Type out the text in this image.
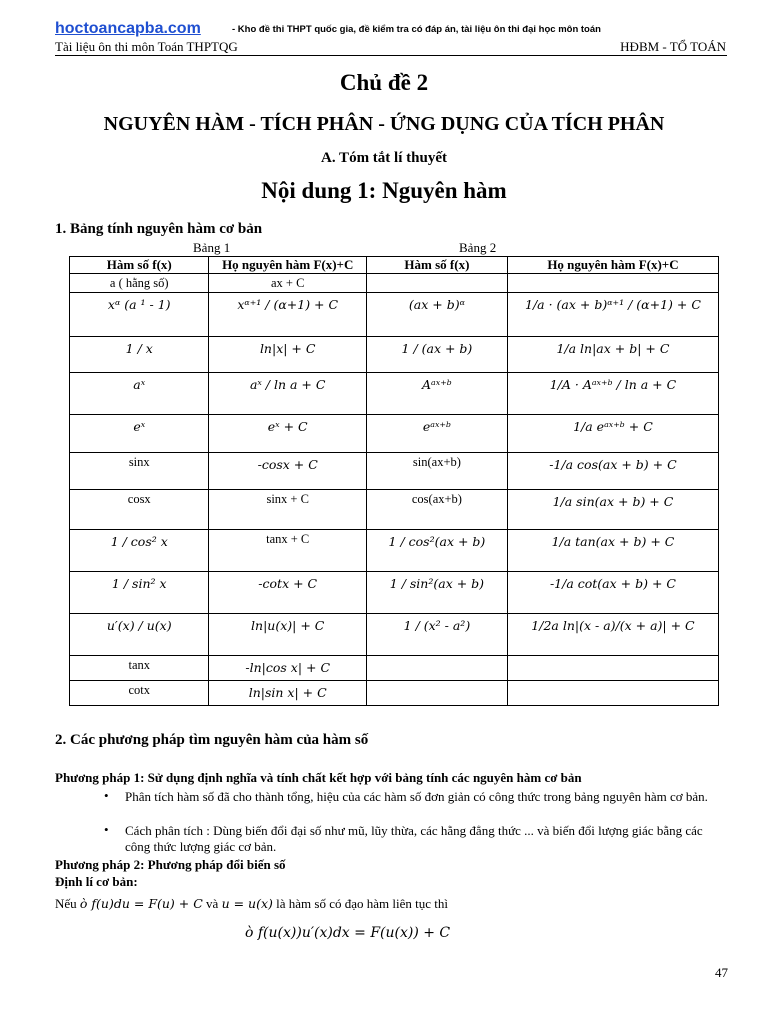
hoctoancapba.com	- Kho đề thi THPT quốc gia, đề kiểm tra có đáp án, tài liệu ôn thi đại học môn toán
Tài liệu ôn thi môn Toán THPTQG	HĐBM - TỔ TOÁN
Chủ đề 2
NGUYÊN HÀM - TÍCH PHÂN - ỨNG DỤNG CỦA TÍCH PHÂN
A. Tóm tắt lí thuyết
Nội dung 1: Nguyên hàm
1. Bảng tính nguyên hàm cơ bản
Bảng 1	Bảng 2
Hàm số f(x)	Họ nguyên hàm F(x)+C	Hàm số f(x)	Họ nguyên hàm F(x)+C

a ( hằng số)	ax + C		

xᵅ (a ¹ - 1)	xᵅ⁺¹ / (α+1) + C	(ax + b)ᵅ	1/a · (ax + b)ᵅ⁺¹ / (α+1) + C

1 / x	ln|x| + C	1 / (ax + b)	1/a ln|ax + b| + C

aˣ	aˣ / ln a + C	Aᵃˣ⁺ᵇ	1/A · Aᵃˣ⁺ᵇ / ln a + C

eˣ	eˣ + C	eᵃˣ⁺ᵇ	1/a eᵃˣ⁺ᵇ + C

sinx	-cosx + C	sin(ax+b)	-1/a cos(ax + b) + C

cosx	sinx + C	cos(ax+b)	1/a sin(ax + b) + C

1 / cos² x	tanx + C	1 / cos²(ax + b)	1/a tan(ax + b) + C

1 / sin² x	-cotx + C	1 / sin²(ax + b)	-1/a cot(ax + b) + C

u′(x) / u(x)	ln|u(x)| + C	1 / (x² - a²)	1/2a ln|(x - a)/(x + a)| + C

tanx	-ln|cos x| + C		

cotx	ln|sin x| + C		

2. Các phương pháp tìm nguyên hàm của hàm số
Phương pháp 1: Sử dụng định nghĩa và tính chất kết hợp với bảng tính các nguyên hàm cơ bản
• Phân tích hàm số đã cho thành tổng, hiệu của các hàm số đơn giản có công thức trong bảng nguyên hàm cơ bản.
• Cách phân tích : Dùng biến đổi đại số như mũ, lũy thừa, các hằng đẳng thức ... và biến đổi lượng giác bằng các công thức lượng giác cơ bản.
Phương pháp 2: Phương pháp đổi biến số
Định lí cơ bản:
Nếu ò f(u)du = F(u) + C và u = u(x) là hàm số có đạo hàm liên tục thì
ò f(u(x))u′(x)dx = F(u(x)) + C
47
